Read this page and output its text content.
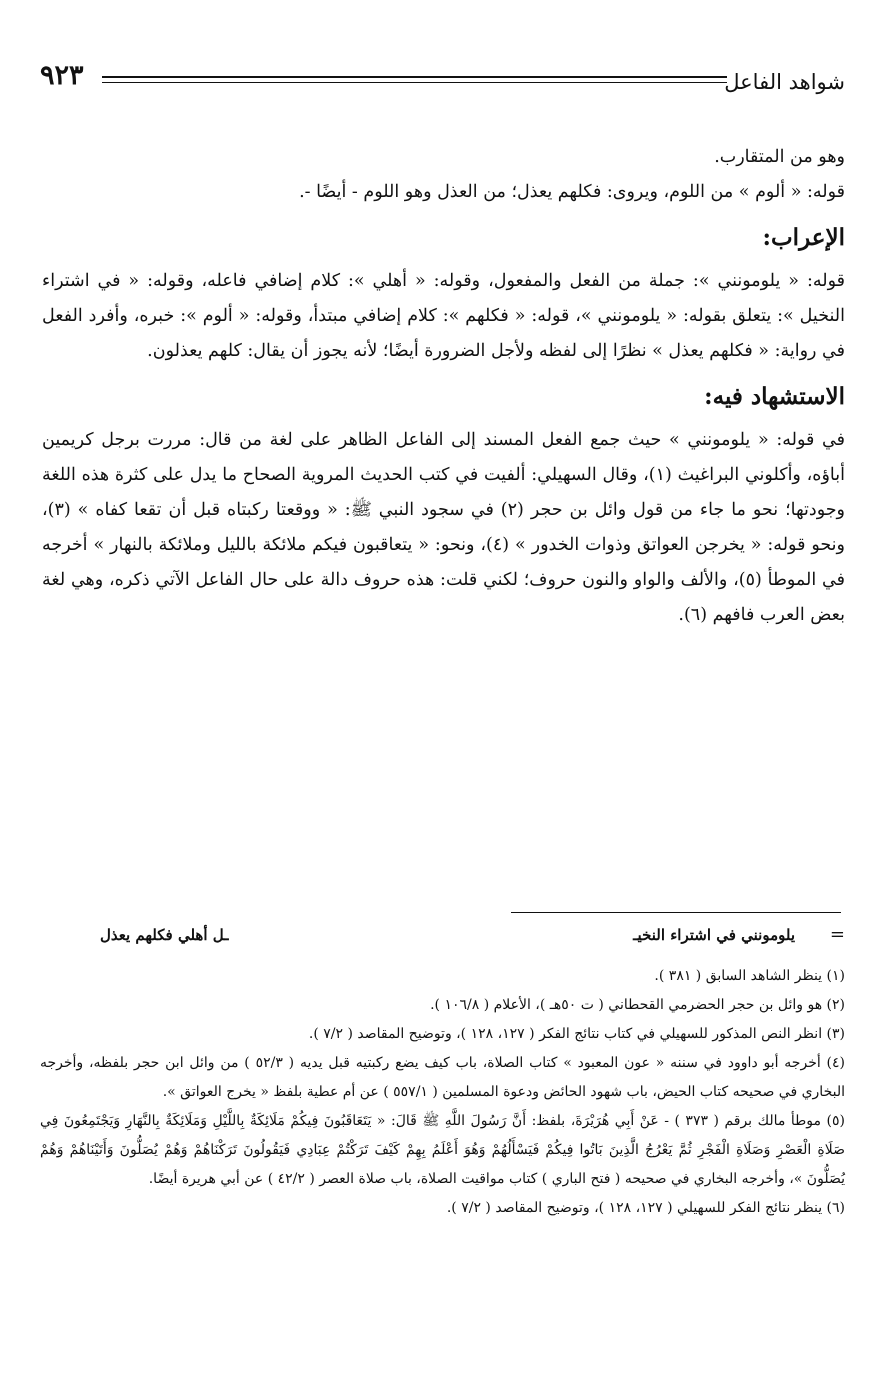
شواهد الفاعل
٩٢٣

وهو من المتقارب.

قوله: « ألوم » من اللوم، ويروى: فكلهم يعذل؛ من العذل وهو اللوم - أيضًا -.

الإعراب:

قوله: « يلومونني »: جملة من الفعل والمفعول، وقوله: « أهلي »: كلام إضافي فاعله، وقوله: « في اشتراء النخيل »: يتعلق بقوله: « يلومونني »، قوله: « فكلهم »: كلام إضافي مبتدأ، وقوله: « ألوم »: خبره، وأفرد الفعل في رواية: « فكلهم يعذل » نظرًا إلى لفظه ولأجل الضرورة أيضًا؛ لأنه يجوز أن يقال: كلهم يعذلون.

الاستشهاد فيه:

في قوله: « يلومونني » حيث جمع الفعل المسند إلى الفاعل الظاهر على لغة من قال: مررت برجل كريمين أباؤه، وأكلوني البراغيث (١)، وقال السهيلي: ألفيت في كتب الحديث المروية الصحاح ما يدل على كثرة هذه اللغة وجودتها؛ نحو ما جاء من قول وائل بن حجر (٢) في سجود النبي ﷺ: « ووقعتا ركبتاه قبل أن تقعا كفاه » (٣)، ونحو قوله: « يخرجن العواتق وذوات الخدور » (٤)، ونحو: « يتعاقبون فيكم ملائكة بالليل وملائكة بالنهار » أخرجه في الموطأ (٥)، والألف والواو والنون حروف؛ لكني قلت: هذه حروف دالة على حال الفاعل الآتي ذكره، وهي لغة بعض العرب فافهم (٦).

=
يلومونني في اشتراء النخيـ
ـل أهلي فكلهم يعذل

(١) ينظر الشاهد السابق ( ٣٨١ ).

(٢) هو وائل بن حجر الحضرمي القحطاني ( ت ٥٠هـ )، الأعلام ( ١٠٦/٨ ).

(٣) انظر النص المذكور للسهيلي في كتاب نتائج الفكر ( ١٢٧، ١٢٨ )، وتوضيح المقاصد ( ٧/٢ ).

(٤) أخرجه أبو داوود في سننه « عون المعبود » كتاب الصلاة، باب كيف يضع ركبتيه قبل يديه ( ٥٢/٣ ) من وائل ابن حجر بلفظه، وأخرجه البخاري في صحيحه كتاب الحيض، باب شهود الحائض ودعوة المسلمين ( ٥٥٧/١ ) عن أم عطية بلفظ « يخرج العواتق ».

(٥) موطأ مالك برقم ( ٣٧٣ ) - عَنْ أَبِي هُرَيْرَةَ، بلفظ: أَنَّ رَسُولَ اللَّهِ ﷺ قَالَ: « يَتَعَاقَبُونَ فِيكُمْ مَلَائِكَةٌ بِاللَّيْلِ وَمَلَائِكَةٌ بِالنَّهَارِ وَيَجْتَمِعُونَ فِي صَلَاةِ الْعَصْرِ وَصَلَاةِ الْفَجْرِ ثُمَّ يَعْرُجُ الَّذِينَ بَاتُوا فِيكُمْ فَيَسْأَلُهُمْ وَهُوَ أَعْلَمُ بِهِمْ كَيْفَ تَرَكْتُمْ عِبَادِي فَيَقُولُونَ تَرَكْنَاهُمْ وَهُمْ يُصَلُّونَ وَأَتَيْنَاهُمْ وَهُمْ يُصَلُّونَ »، وأخرجه البخاري في صحيحه ( فتح الباري ) كتاب مواقيت الصلاة، باب صلاة العصر ( ٤٢/٢ ) عن أبي هريرة أيضًا.

(٦) ينظر نتائج الفكر للسهيلي ( ١٢٧، ١٢٨ )، وتوضيح المقاصد ( ٧/٢ ).
